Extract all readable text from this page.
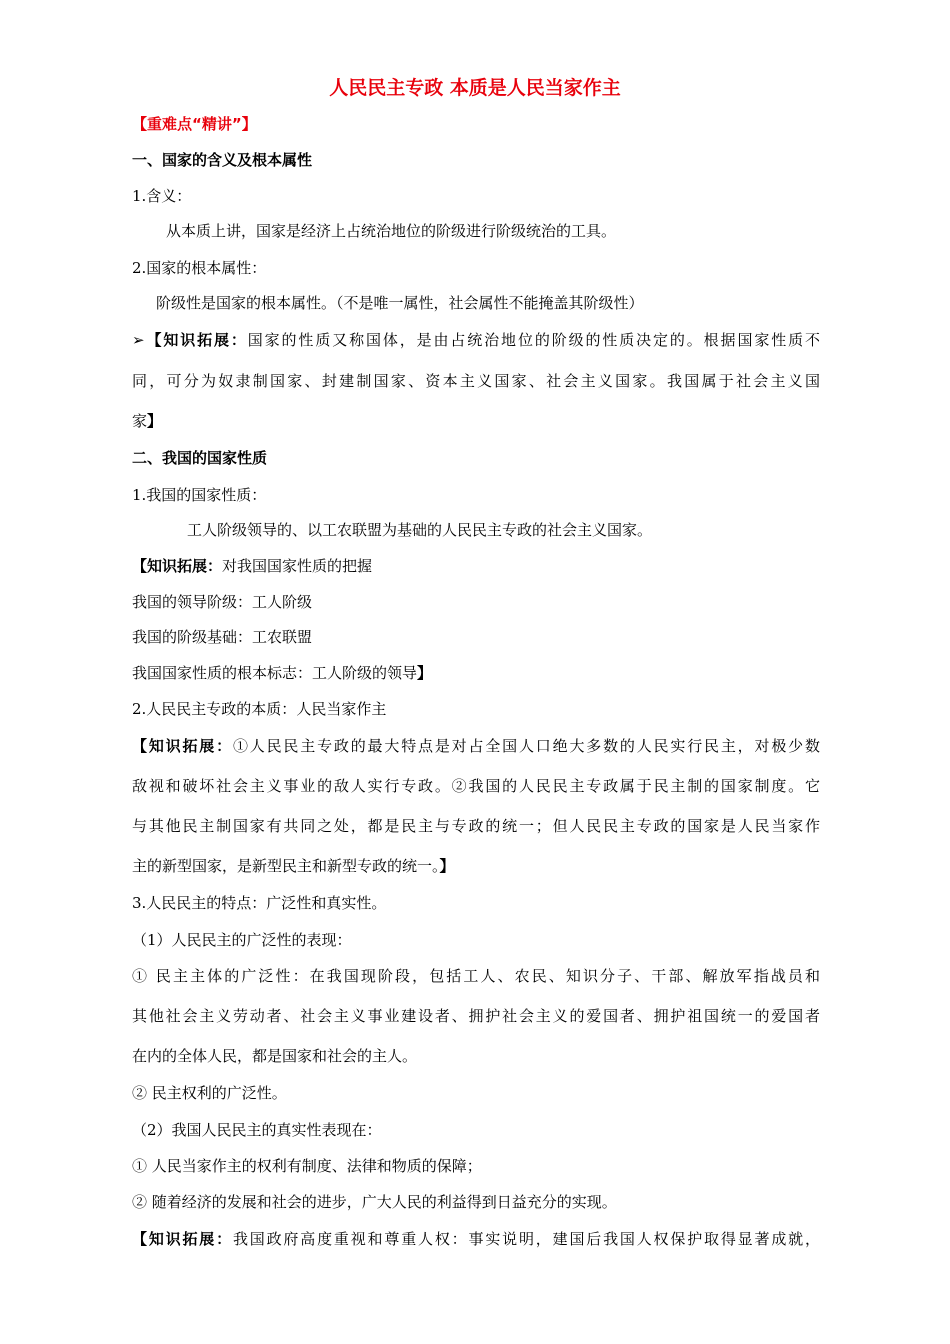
人民民主专政 本质是人民当家作主
【重难点“精讲”】
一、国家的含义及根本属性
1.含义：
从本质上讲，国家是经济上占统治地位的阶级进行阶级统治的工具。
2.国家的根本属性：
阶级性是国家的根本属性。（不是唯一属性，社会属性不能掩盖其阶级性）
➢【知识拓展：国家的性质又称国体，是由占统治地位的阶级的性质决定的。根据国家性质不
同，可分为奴隶制国家、封建制国家、资本主义国家、社会主义国家。我国属于社会主义国
家】
二、我国的国家性质
1.我国的国家性质：
工人阶级领导的、以工农联盟为基础的人民民主专政的社会主义国家。
【知识拓展：对我国国家性质的把握
我国的领导阶级：工人阶级
我国的阶级基础：工农联盟
我国国家性质的根本标志：工人阶级的领导】
2.人民民主专政的本质：人民当家作主
【知识拓展：①人民民主专政的最大特点是对占全国人口绝大多数的人民实行民主，对极少数
敌视和破坏社会主义事业的敌人实行专政。②我国的人民民主专政属于民主制的国家制度。它
与其他民主制国家有共同之处，都是民主与专政的统一；但人民民主专政的国家是人民当家作
主的新型国家，是新型民主和新型专政的统一。】
3.人民民主的特点：广泛性和真实性。
（1）人民民主的广泛性的表现：
① 民主主体的广泛性：在我国现阶段，包括工人、农民、知识分子、干部、解放军指战员和
其他社会主义劳动者、社会主义事业建设者、拥护社会主义的爱国者、拥护祖国统一的爱国者
在内的全体人民，都是国家和社会的主人。
② 民主权利的广泛性。
（2）我国人民民主的真实性表现在：
① 人民当家作主的权利有制度、法律和物质的保障；
② 随着经济的发展和社会的进步，广大人民的利益得到日益充分的实现。
【知识拓展：我国政府高度重视和尊重人权：事实说明，建国后我国人权保护取得显著成就，
